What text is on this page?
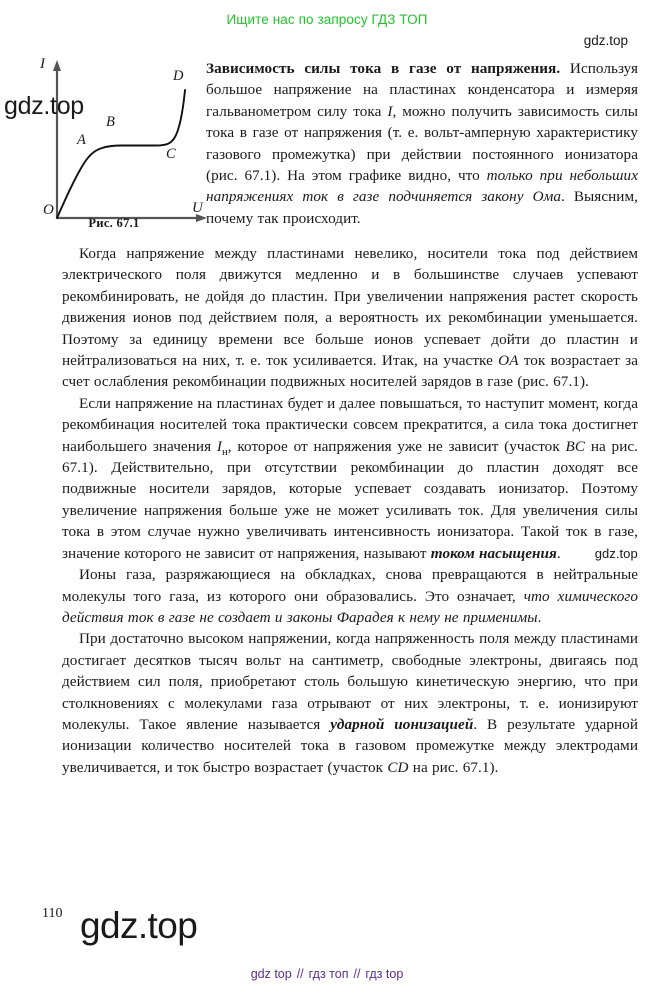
Ищите нас по запросу ГДЗ ТОП
gdz.top
I
U
O
A
B
C
D
Рис. 67.1
gdz.top

Зависимость силы тока в газе от напряжения. Используя большое напряжение на пластинах конденсатора и измеряя гальванометром силу тока I, можно получить зависимость силы тока в газе от напряжения (т. е. вольт-амперную характеристику газового промежутка) при действии постоянного ионизатора (рис. 67.1). На этом графике видно, что только при небольших напряжениях ток в газе подчиняется закону Ома. Выясним, почему так происходит.

Когда напряжение между пластинами невелико, носители тока под действием электрического поля движутся медленно и в большинстве случаев успевают рекомбинировать, не дойдя до пластин. При увеличении напряжения растет скорость движения ионов под действием поля, а вероятность их рекомбинации уменьшается. Поэтому за единицу времени все больше ионов успевает дойти до пластин и нейтрализоваться на них, т. е. ток усиливается. Итак, на участке OA ток возрастает за счет ослабления рекомбинации подвижных носителей зарядов в газе (рис. 67.1).

Если напряжение на пластинах будет и далее повышаться, то наступит момент, когда рекомбинация носителей тока практически совсем прекратится, а сила тока достигнет наибольшего значения $I_н$, которое от напряжения уже не зависит (участок BC на рис. 67.1). Действительно, при отсутствии рекомбинации до пластин доходят все подвижные носители зарядов, которые успевает создавать ионизатор. Поэтому увеличение напряжения больше уже не может усиливать ток. Для увеличения силы тока в этом случае нужно увеличивать интенсивность ионизатора. Такой ток в газе, значение которого не зависит от напряжения, называют током насыщения.	gdz.top

Ионы газа, разряжающиеся на обкладках, снова превращаются в нейтральные молекулы того газа, из которого они образовались. Это означает, что химического действия ток в газе не создает и законы Фарадея к нему не применимы.

При достаточно высоком напряжении, когда напряженность поля между пластинами достигает десятков тысяч вольт на сантиметр, свободные электроны, двигаясь под действием сил поля, приобретают столь большую кинетическую энергию, что при столкновениях с молекулами газа отрывают от них электроны, т. е. ионизируют молекулы. Такое явление называется ударной ионизацией. В результате ударной ионизации количество носителей тока в газовом промежутке между электродами увеличивается, и ток быстро возрастает (участок CD на рис. 67.1).

110 gdz.top
gdz top // гдз топ // гдз top
